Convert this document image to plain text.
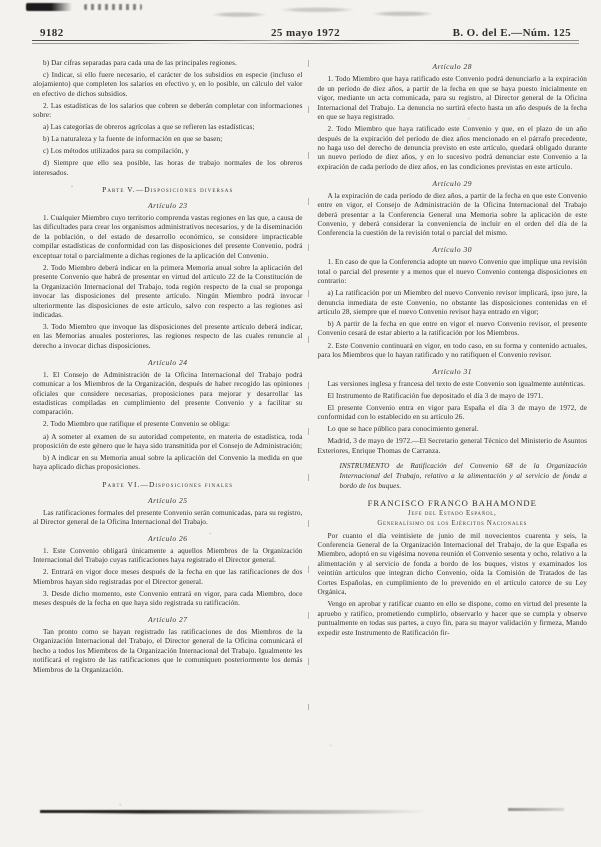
9182	25 mayo 1972	B. O. del E.—Núm. 125

b) Dar cifras separadas para cada una de las principales regiones.

c) Indicar, si ello fuere necesario, el carácter de los subsidios en especie (incluso el alojamiento) que completen los salarios en efectivo y, en lo posible, un cálculo del valor en efectivo de dichos subsidios.

2. Las estadísticas de los salarios que cobren se deberán completar con informaciones sobre:

a) Las categorías de obreros agrícolas a que se refieren las estadísticas;

b) La naturaleza y la fuente de información en que se basen;

c) Los métodos utilizados para su compilación, y

d) Siempre que ello sea posible, las horas de trabajo normales de los obreros interesados.

Parte V.—Disposiciones diversas

Artículo 23

1. Cualquier Miembro cuyo territorio comprenda vastas regiones en las que, a causa de las dificultades para crear los organismos administrativos necesarios, y de la diseminación de la población, o del estado de desarrollo económico, se considere impracticable compilar estadísticas de conformidad con las disposiciones del presente Convenio, podrá exceptuar total o parcialmente a dichas regiones de la aplicación del Convenio.

2. Todo Miembro deberá indicar en la primera Memoria anual sobre la aplicación del presente Convenio que habrá de presentar en virtud del artículo 22 de la Constitución de la Organización Internacional del Trabajo, toda región respecto de la cual se proponga invocar las disposiciones del presente artículo. Ningún Miembro podrá invocar ulteriormente las disposiciones de este artículo, salvo con respecto a las regiones así indicadas.

3. Todo Miembro que invoque las disposiciones del presente artículo deberá indicar, en las Memorias anuales posteriores, las regiones respecto de las cuales renuncie al derecho a invocar dichas disposiciones.

Artículo 24

1. El Consejo de Administración de la Oficina Internacional del Trabajo podrá comunicar a los Miembros de la Organización, después de haber recogido las opiniones oficiales que considere necesarias, proposiciones para mejorar y desarrollar las estadísticas compiladas en cumplimiento del presente Convenio y a facilitar su comparación.

2. Todo Miembro que ratifique el presente Convenio se obliga:

a) A someter al examen de su autoridad competente, en materia de estadística, toda proposición de este género que le haya sido transmitida por el Consejo de Administración;

b) A indicar en su Memoria anual sobre la aplicación del Convenio la medida en que haya aplicado dichas proposiciones.

Parte VI.—Disposiciones finales

Artículo 25

Las ratificaciones formales del presente Convenio serán comunicadas, para su registro, al Director general de la Oficina Internacional del Trabajo.

Artículo 26

1. Este Convenio obligará únicamente a aquellos Miembros de la Organización Internacional del Trabajo cuyas ratificaciones haya registrado el Director general.

2. Entrará en vigor doce meses después de la fecha en que las ratificaciones de dos Miembros hayan sido registradas por el Director general.

3. Desde dicho momento, este Convenio entrará en vigor, para cada Miembro, doce meses después de la fecha en que haya sido registrada su ratificación.

Artículo 27

Tan pronto como se hayan registrado las ratificaciones de dos Miembros de la Organización Internacional del Trabajo, el Director general de la Oficina comunicará el hecho a todos los Miembros de la Organización Internacional del Trabajo. Igualmente les notificará el registro de las ratificaciones que le comuniquen posteriormente los demás Miembros de la Organización.

Artículo 28

1. Todo Miembro que haya ratificado este Convenio podrá denunciarlo a la expiración de un período de diez años, a partir de la fecha en que se haya puesto inicialmente en vigor, mediante un acta comunicada, para su registro, al Director general de la Oficina Internacional del Trabajo. La denuncia no surtirá efecto hasta un año después de la fecha en que se haya registrado.

2. Todo Miembro que haya ratificado este Convenio y que, en el plazo de un año después de la expiración del período de diez años mencionado en el párrafo precedente, no haga uso del derecho de denuncia previsto en este artículo, quedará obligado durante un nuevo período de diez años, y en lo sucesivo podrá denunciar este Convenio a la expiración de cada período de diez años, en las condiciones previstas en este artículo.

Artículo 29

A la expiración de cada período de diez años, a partir de la fecha en que este Convenio entre en vigor, el Consejo de Administración de la Oficina Internacional del Trabajo deberá presentar a la Conferencia General una Memoria sobre la aplicación de este Convenio, y deberá considerar la conveniencia de incluir en el orden del día de la Conferencia la cuestión de la revisión total o parcial del mismo.

Artículo 30

1. En caso de que la Conferencia adopte un nuevo Convenio que implique una revisión total o parcial del presente y a menos que el nuevo Convenio contenga disposiciones en contrario:

a) La ratificación por un Miembro del nuevo Convenio revisor implicará, ipso jure, la denuncia inmediata de este Convenio, no obstante las disposiciones contenidas en el artículo 28, siempre que el nuevo Convenio revisor haya entrado en vigor;

b) A partir de la fecha en que entre en vigor el nuevo Convenio revisor, el presente Convenio cesará de estar abierto a la ratificación por los Miembros.

2. Este Convenio continuará en vigor, en todo caso, en su forma y contenido actuales, para los Miembros que lo hayan ratificado y no ratifiquen el Convenio revisor.

Artículo 31

Las versiones inglesa y francesa del texto de este Convenio son igualmente auténticas.

El Instrumento de Ratificación fue depositado el día 3 de mayo de 1971.

El presente Convenio entra en vigor para España el día 3 de mayo de 1972, de conformidad con lo establecido en su artículo 26.

Lo que se hace público para conocimiento general.

Madrid, 3 de mayo de 1972.—El Secretario general Técnico del Ministerio de Asuntos Exteriores, Enrique Thomas de Carranza.

INSTRUMENTO de Ratificación del Convenio 68 de la Organización Internacional del Trabajo, relativo a la alimentación y al servicio de fonda a bordo de los buques.

FRANCISCO FRANCO BAHAMONDE

Jefe del Estado Español,

Generalísimo de los Ejércitos Nacionales

Por cuanto el día veintisiete de junio de mil novecientos cuarenta y seis, la Conferencia General de la Organización Internacional del Trabajo, de la que España es Miembro, adoptó en su vigésima novena reunión el Convenio sesenta y ocho, relativo a la alimentación y al servicio de fonda a bordo de los buques, vistos y examinados los veintiún artículos que integran dicho Convenio, oída la Comisión de Tratados de las Cortes Españolas, en cumplimiento de lo prevenido en el artículo catorce de su Ley Orgánica,

Vengo en aprobar y ratificar cuanto en ello se dispone, como en virtud del presente la apruebo y ratifico, prometiendo cumplirlo, observarlo y hacer que se cumpla y observe puntualmente en todas sus partes, a cuyo fin, para su mayor validación y firmeza, Mando expedir este Instrumento de Ratificación fir-
